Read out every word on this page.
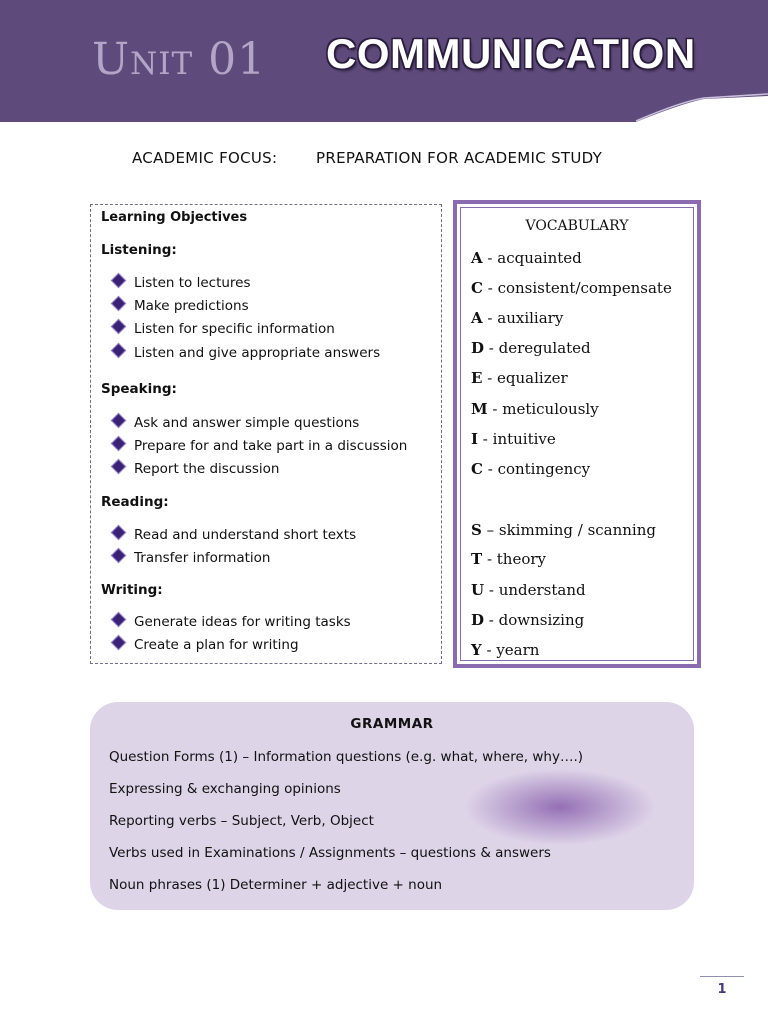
Unit 01 COMMUNICATION
ACADEMIC FOCUS:	PREPARATION FOR ACADEMIC STUDY
Learning Objectives
Listening:
Listen to lectures
Make predictions
Listen for specific information
Listen and give appropriate answers
Speaking:
Ask and answer simple questions
Prepare for and take part in a discussion
Report the discussion
Reading:
Read and understand short texts
Transfer information
Writing:
Generate ideas for writing tasks
Create a plan for writing
VOCABULARY
A - acquainted
C - consistent/compensate
A - auxiliary
D - deregulated
E - equalizer
M - meticulously
I - intuitive
C - contingency
S – skimming / scanning
T - theory
U - understand
D - downsizing
Y - yearn
GRAMMAR
Question Forms (1) – Information questions (e.g. what, where, why….)
Expressing & exchanging opinions
Reporting verbs – Subject, Verb, Object
Verbs used in Examinations / Assignments – questions & answers
Noun phrases (1) Determiner + adjective + noun
1
